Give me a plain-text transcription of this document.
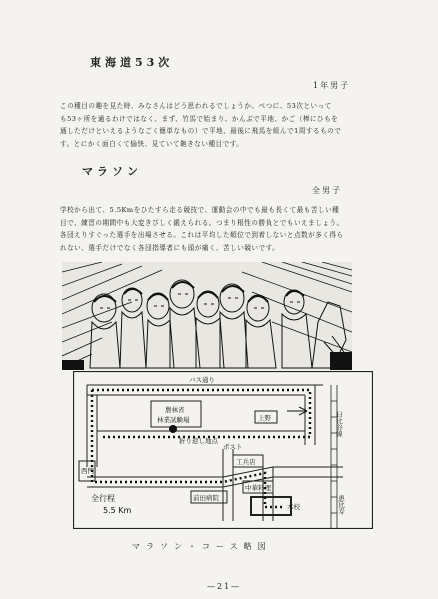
東海道53次
1年男子
この種目の趣を見た時、みなさんはどう思われるでしょうか。べつに、53次といって
も53ヶ所を通るわけではなく、まず、竹馬で始まり、かんぶで平地、かご（棒にひもを
通しただけといえるようなごく簡単なもの）で平地、最後に飛馬を組んで1周するもので
す。とにかく面白くて愉快、見ていて飽きない種目です。
マラソン
全男子
学校から出て、5.5Kmをひたすら走る競技で、運動会の中でも最も長くて最も苦しい種
目で、練習の期間中も大変きびしく鍛えられる。つまり根性の勝負とでもいえましょう。
各団えりすぐった選手を出場させる。これは平均した順位で到着しないと点数が多く得ら
れない、選手だけでなく各団指導者にも頭が痛く、苦しい競いです。
バス通り
農林省
林業試験場
折り返し地点
ポスト
上野
西門
日比谷線
工兵店
前田病院
中華料理
本校	恵比寿
全行程
5.5 Km
マラソン・コース略図
—21—
